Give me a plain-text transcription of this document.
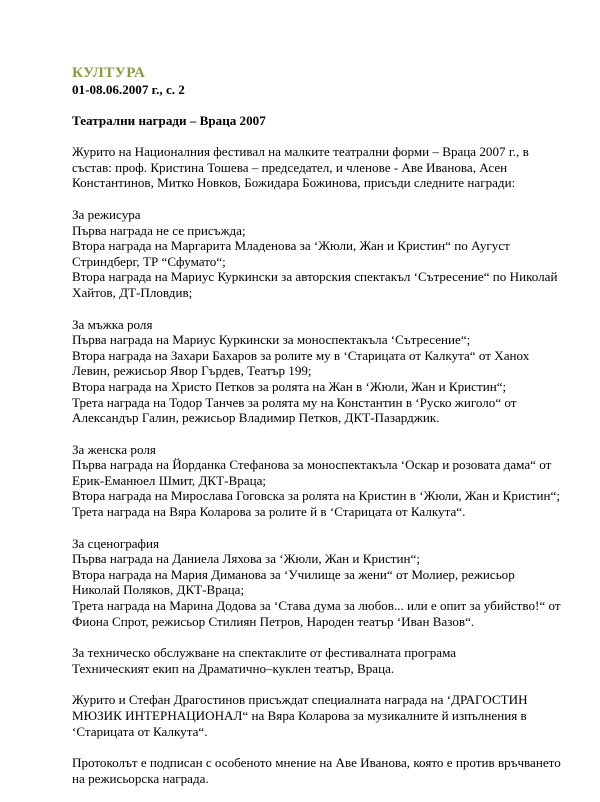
КУЛТУРА
01-08.06.2007 г., с. 2
Театрални награди – Враца 2007
Журито на Националния фестивал на малките театрални форми – Враца 2007 г., в
състав: проф. Кристина Тошева – председател, и членове - Аве Иванова, Асен
Константинов, Митко Новков, Божидара Божинова, присъди следните награди:
За режисура
Първа награда не се присъжда;
Втора награда на Маргарита Младенова за ‘Жюли, Жан и Кристин“ по Аугуст
Стриндберг, ТР “Сфумато“;
Втора награда на Мариус Куркински за авторския спектакъл ‘Сътресение“ по Николай
Хайтов, ДТ-Пловдив;
За мъжка роля
Първа награда на Мариус Куркински за моноспектакъла ‘Сътресение“;
Втора награда на Захари Бахаров за ролите му в ‘Старицата от Калкута“ от Ханох
Левин, режисьор Явор Гърдев, Театър 199;
Втора награда на Христо Петков за ролята на Жан в ‘Жюли, Жан и Кристин“;
Трета награда на Тодор Танчев за ролята му на Константин в ‘Руско жиголо“ от
Александър Галин, режисьор Владимир Петков, ДКТ-Пазарджик.
За женска роля
Първа награда на Йорданка Стефанова за моноспектакъла ‘Оскар и розовата дама“ от
Ерик-Еманюел Шмит, ДКТ-Враца;
Втора награда на Мирослава Гоговска за ролята на Кристин в ‘Жюли, Жан и Кристин“;
Трета награда на Вяра Коларова за ролите й в ‘Старицата от Калкута“.
За сценография
Първа награда на Даниела Ляхова за ‘Жюли, Жан и Кристин“;
Втора награда на Мария Диманова за ‘Училище за жени“ от Молиер, режисьор
Николай Поляков, ДКТ-Враца;
Трета награда на Марина Додова за ‘Става дума за любов... или е опит за убийство!“ от
Фиона Спрот, режисьор Стилиян Петров, Народен театър ‘Иван Вазов“.
За техническо обслужване на спектаклите от фестивалната програма
Техническият екип на Драматично–куклен театър, Враца.
Журито и Стефан Драгостинов присъждат специалната награда на ‘ДРАГОСТИН
МЮЗИК ИНТЕРНАЦИОНАЛ“ на Вяра Коларова за музикалните й изпълнения в
‘Старицата от Калкута“.
Протоколът е подписан с особеното мнение на Аве Иванова, която е против връчването
на режисьорска награда.
